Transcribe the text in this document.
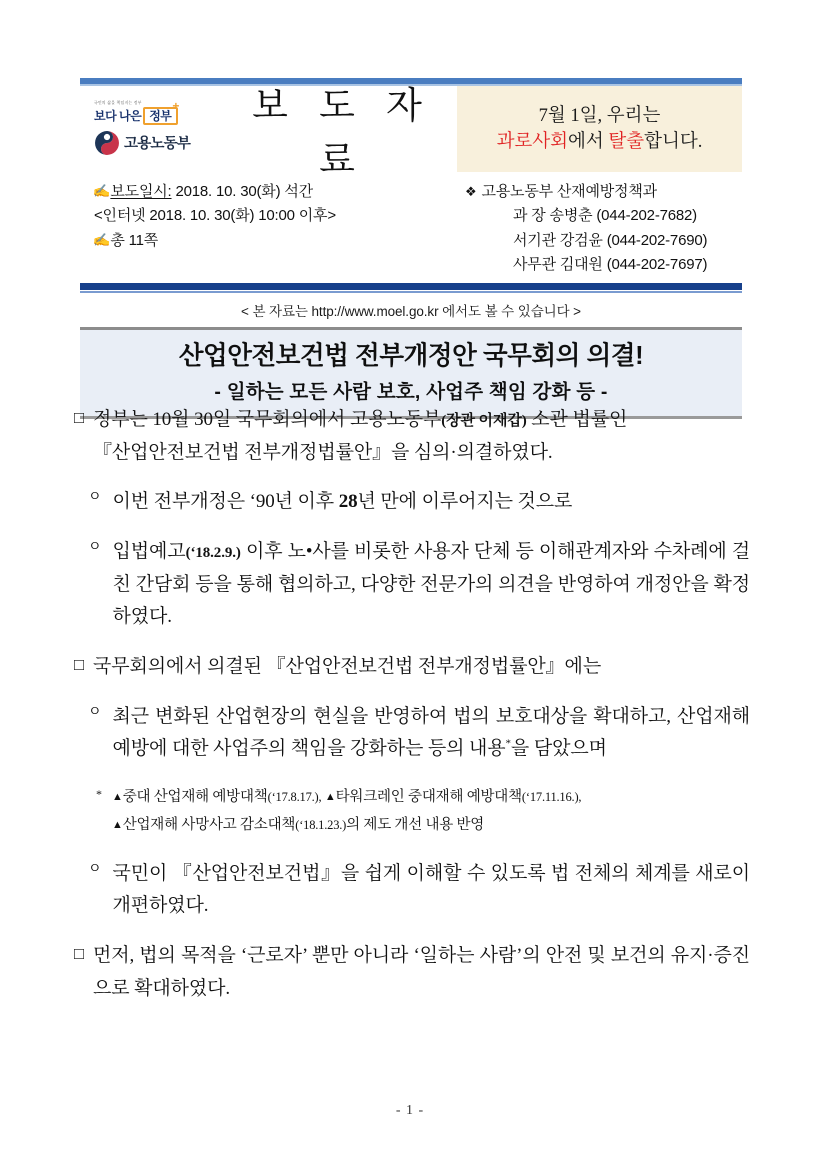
국민의 삶을 책임지는 정부
보다 나은 정부
+
고용노동부
보 도 자 료
7월 1일, 우리는
과로사회에서 탈출합니다.
✍보도일시: 2018. 10. 30(화) 석간
<인터넷 2018. 10. 30(화) 10:00 이후>
✍총 11쪽
❖ 고용노동부 산재예방정책과
과 장 송병춘 (044-202-7682)
서기관 강검윤 (044-202-7690)
사무관 김대원 (044-202-7697)
< 본 자료는 http://www.moel.go.kr 에서도 볼 수 있습니다 >
산업안전보건법 전부개정안 국무회의 의결!
- 일하는 모든 사람 보호, 사업주 책임 강화 등 -
□ 정부는 10월 30일 국무회의에서 고용노동부(장관 이재갑) 소관 법률인
『산업안전보건법 전부개정법률안』을 심의·의결하였다.
ㅇ 이번 전부개정은 ‘90년 이후 28년 만에 이루어지는 것으로
ㅇ 입법예고(‘18.2.9.) 이후 노•사를 비롯한 사용자 단체 등 이해관계자와 수차례에 걸친 간담회 등을 통해 협의하고, 다양한 전문가의 의견을 반영하여 개정안을 확정하였다.
□ 국무회의에서 의결된 『산업안전보건법 전부개정법률안』에는
ㅇ 최근 변화된 산업현장의 현실을 반영하여 법의 보호대상을 확대하고, 산업재해 예방에 대한 사업주의 책임을 강화하는 등의 내용*을 담았으며
* ▲중대 산업재해 예방대책(‘17.8.17.), ▲타워크레인 중대재해 예방대책(‘17.11.16.),
▲산업재해 사망사고 감소대책(‘18.1.23.)의 제도 개선 내용 반영
ㅇ 국민이 『산업안전보건법』을 쉽게 이해할 수 있도록 법 전체의 체계를 새로이 개편하였다.
□ 먼저, 법의 목적을 ‘근로자’ 뿐만 아니라 ‘일하는 사람’의 안전 및 보건의 유지·증진으로 확대하였다.
- 1 -
